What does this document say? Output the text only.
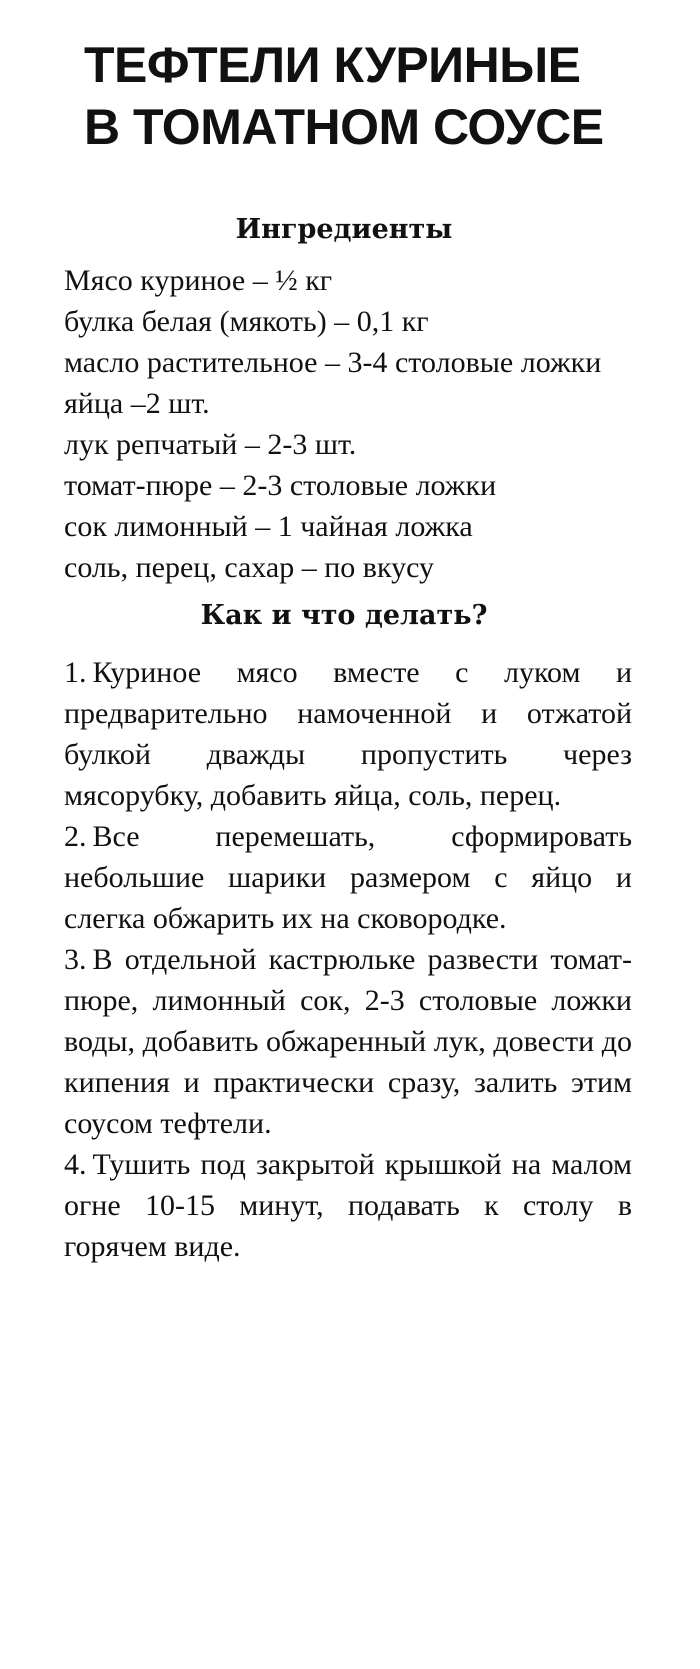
ТЕФТЕЛИ КУРИНЫЕ
В ТОМАТНОМ СОУСЕ
Ингредиенты
Мясо куриное – ½ кг
булка белая (мякоть) – 0,1 кг
масло растительное – 3-4 столовые ложки
яйца –2 шт.
лук репчатый – 2-3 шт.
томат-пюре – 2-3 столовые ложки
сок лимонный – 1 чайная ложка
соль, перец, сахар – по вкусу
Как и что делать?
1. Куриное мясо вместе с луком и предварительно намоченной и отжатой булкой дважды пропустить через мясорубку, добавить яйца, соль, перец.
2. Все перемешать, сформировать небольшие шарики размером с яйцо и слегка обжарить их на сковородке.
3. В отдельной кастрюльке развести томат-пюре, лимонный сок, 2-3 столовые ложки воды, добавить обжаренный лук, довести до кипения и практически сразу, залить этим соусом тефтели.
4. Тушить под закрытой крышкой на малом огне 10-15 минут, подавать к столу в горячем виде.
